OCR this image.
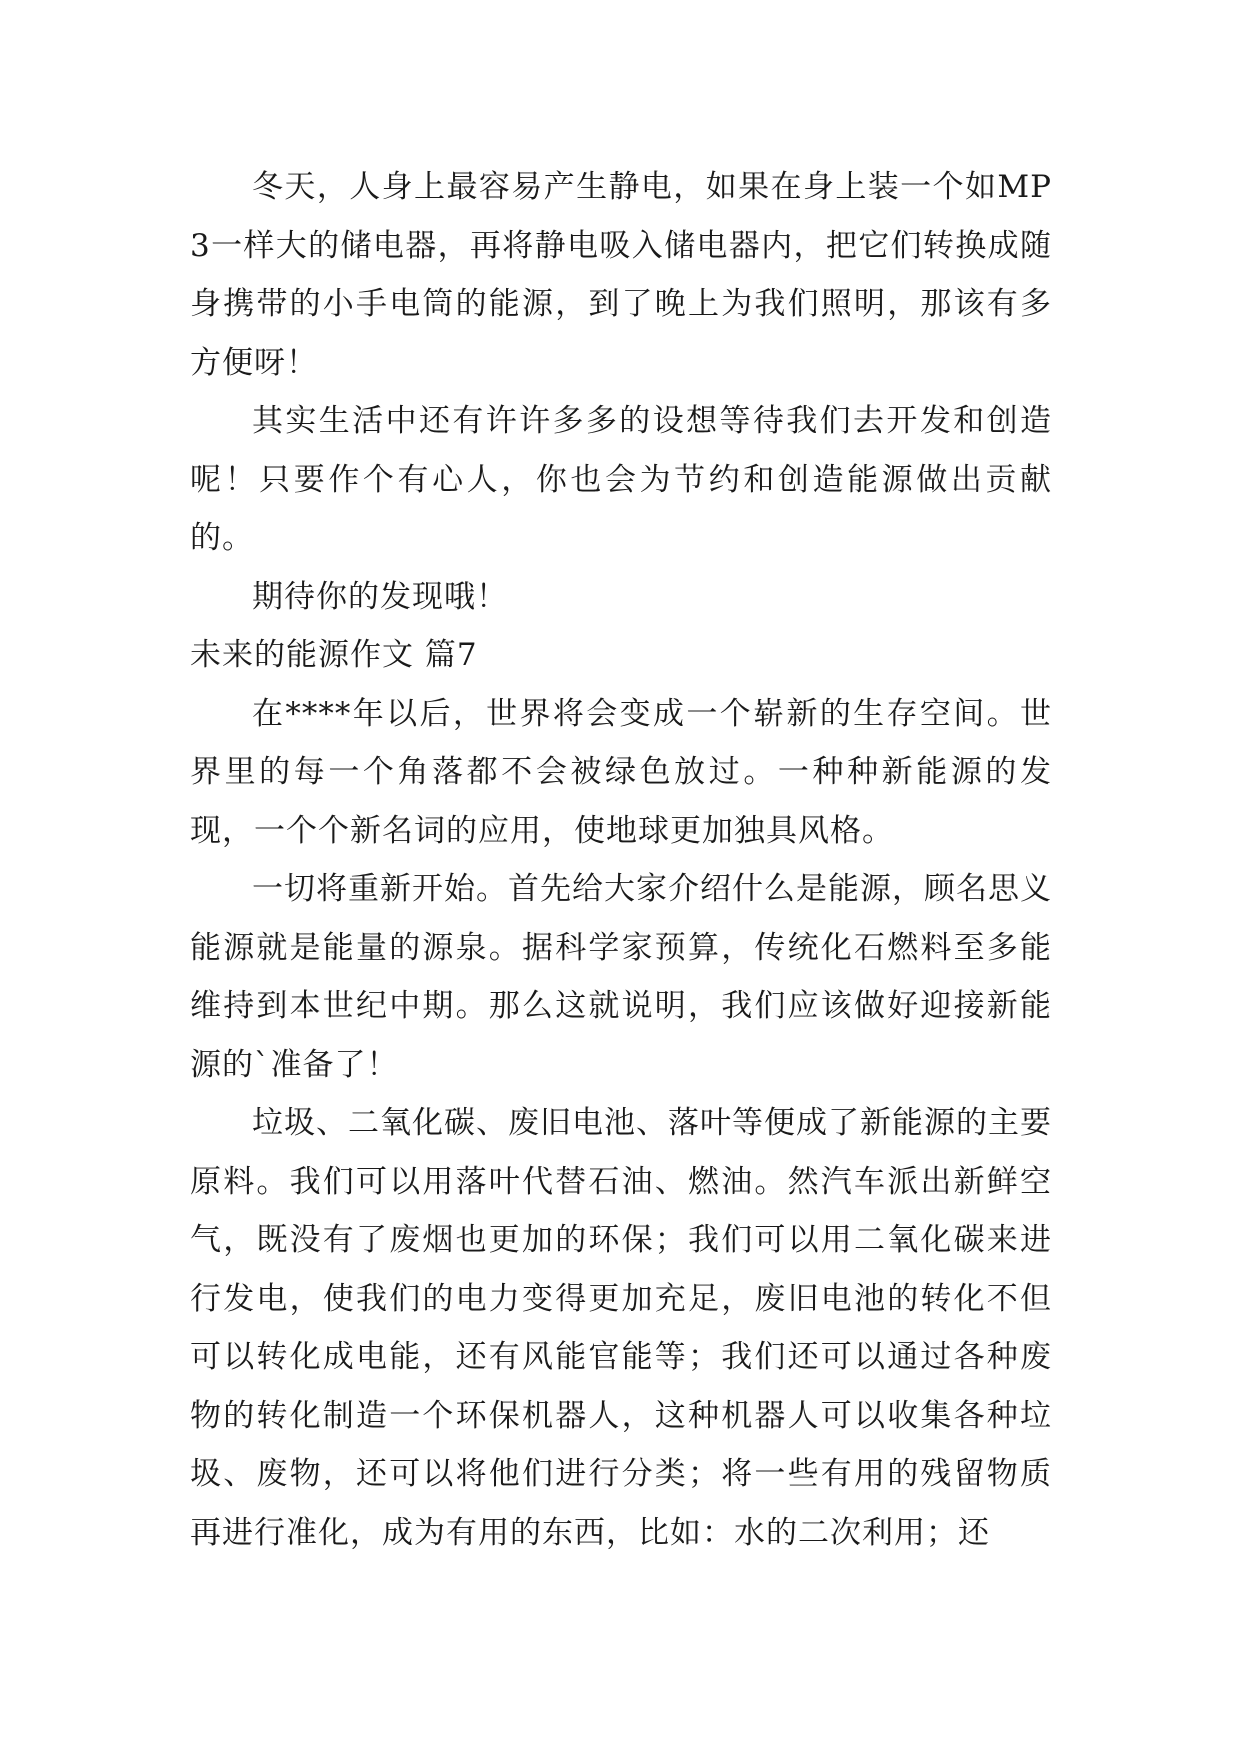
冬天，人身上最容易产生静电，如果在身上装一个如MP3一样大的储电器，再将静电吸入储电器内，把它们转换成随身携带的小手电筒的能源，到了晚上为我们照明，那该有多方便呀！

其实生活中还有许许多多的设想等待我们去开发和创造呢！只要作个有心人，你也会为节约和创造能源做出贡献的。

期待你的发现哦！

未来的能源作文 篇7

在****年以后，世界将会变成一个崭新的生存空间。世界里的每一个角落都不会被绿色放过。一种种新能源的发现，一个个新名词的应用，使地球更加独具风格。

一切将重新开始。首先给大家介绍什么是能源，顾名思义能源就是能量的源泉。据科学家预算，传统化石燃料至多能维持到本世纪中期。那么这就说明，我们应该做好迎接新能源的`准备了！

垃圾、二氧化碳、废旧电池、落叶等便成了新能源的主要原料。我们可以用落叶代替石油、燃油。然汽车派出新鲜空气，既没有了废烟也更加的环保；我们可以用二氧化碳来进行发电，使我们的电力变得更加充足，废旧电池的转化不但可以转化成电能，还有风能官能等；我们还可以通过各种废物的转化制造一个环保机器人，这种机器人可以收集各种垃圾、废物，还可以将他们进行分类；将一些有用的残留物质再进行准化，成为有用的东西，比如：水的二次利用；还
